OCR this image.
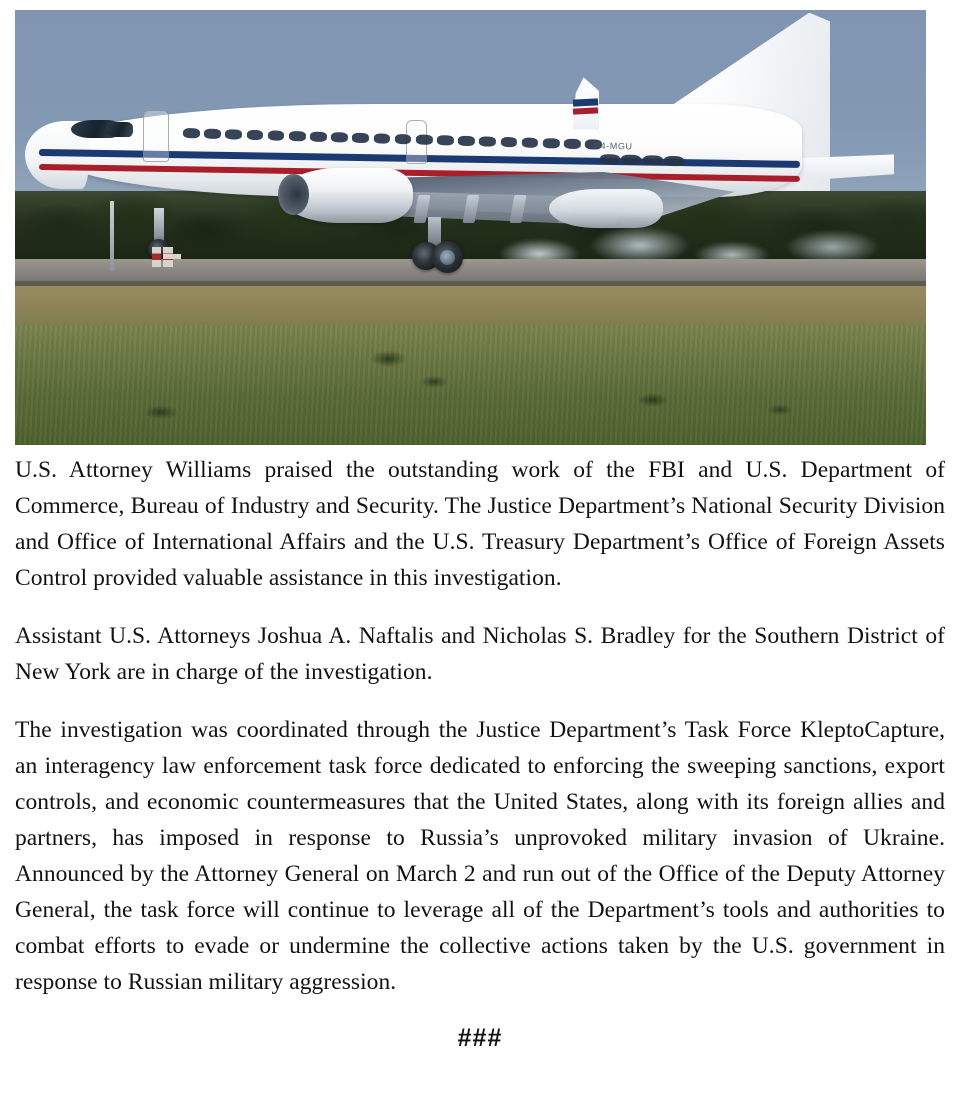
P4-MGU

U.S. Attorney Williams praised the outstanding work of the FBI and U.S. Department of Commerce, Bureau of Industry and Security. The Justice Department’s National Security Division and Office of International Affairs and the U.S. Treasury Department’s Office of Foreign Assets Control provided valuable assistance in this investigation.

Assistant U.S. Attorneys Joshua A. Naftalis and Nicholas S. Bradley for the Southern District of New York are in charge of the investigation.

The investigation was coordinated through the Justice Department’s Task Force KleptoCapture, an interagency law enforcement task force dedicated to enforcing the sweeping sanctions, export controls, and economic countermeasures that the United States, along with its foreign allies and partners, has imposed in response to Russia’s unprovoked military invasion of Ukraine. Announced by the Attorney General on March 2 and run out of the Office of the Deputy Attorney General, the task force will continue to leverage all of the Department’s tools and authorities to combat efforts to evade or undermine the collective actions taken by the U.S. government in response to Russian military aggression.

###
